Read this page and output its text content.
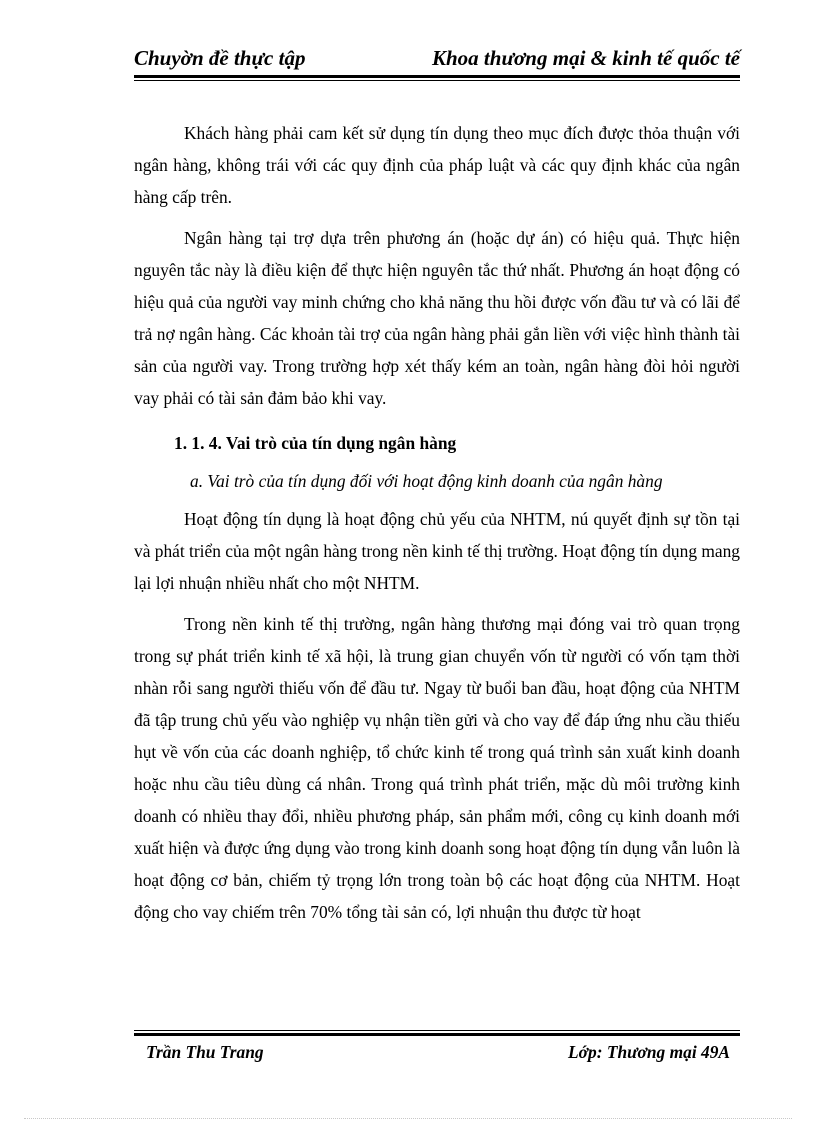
Chuyờn đề thực tập	Khoa thương mại & kinh tế quốc tế

Khách hàng phải cam kết sử dụng tín dụng theo mục đích được thỏa thuận với ngân hàng, không trái với các quy định của pháp luật và các quy định khác của ngân hàng cấp trên.

Ngân hàng tại trợ dựa trên phương án (hoặc dự án) có hiệu quả. Thực hiện nguyên tắc này là điều kiện để thực hiện nguyên tắc thứ nhất. Phương án hoạt động có hiệu quả của người vay minh chứng cho khả năng thu hồi được vốn đầu tư và có lãi để trả nợ ngân hàng. Các khoản tài trợ của ngân hàng phải gắn liền với việc hình thành tài sản của người vay. Trong trường hợp xét thấy kém an toàn, ngân hàng đòi hỏi người vay phải có tài sản đảm bảo khi vay.

1. 1. 4. Vai trò của tín dụng ngân hàng
a. Vai trò của tín dụng đối với hoạt động kinh doanh của ngân hàng

Hoạt động tín dụng là hoạt động chủ yếu của NHTM, nú quyết định sự tồn tại và phát triển của một ngân hàng trong nền kinh tế thị trường. Hoạt động tín dụng mang lại lợi nhuận nhiều nhất cho một NHTM.

Trong nền kinh tế thị trường, ngân hàng thương mại đóng vai trò quan trọng trong sự phát triển kinh tế xã hội, là trung gian chuyển vốn từ người có vốn tạm thời nhàn rỗi sang người thiếu vốn để đầu tư. Ngay từ buổi ban đầu, hoạt động của NHTM đã tập trung chủ yếu vào nghiệp vụ nhận tiền gửi và cho vay để đáp ứng nhu cầu thiếu hụt về vốn của các doanh nghiệp, tổ chức kinh tế trong quá trình sản xuất kinh doanh hoặc nhu cầu tiêu dùng cá nhân. Trong quá trình phát triển, mặc dù môi trường kinh doanh có nhiều thay đổi, nhiều phương pháp, sản phẩm mới, công cụ kinh doanh mới xuất hiện và được ứng dụng vào trong kinh doanh song hoạt động tín dụng vẫn luôn là hoạt động cơ bản, chiếm tỷ trọng lớn trong toàn bộ các hoạt động của NHTM. Hoạt động cho vay chiếm trên 70% tổng tài sản có, lợi nhuận thu được từ hoạt

Trần Thu Trang	Lớp: Thương mại 49A
